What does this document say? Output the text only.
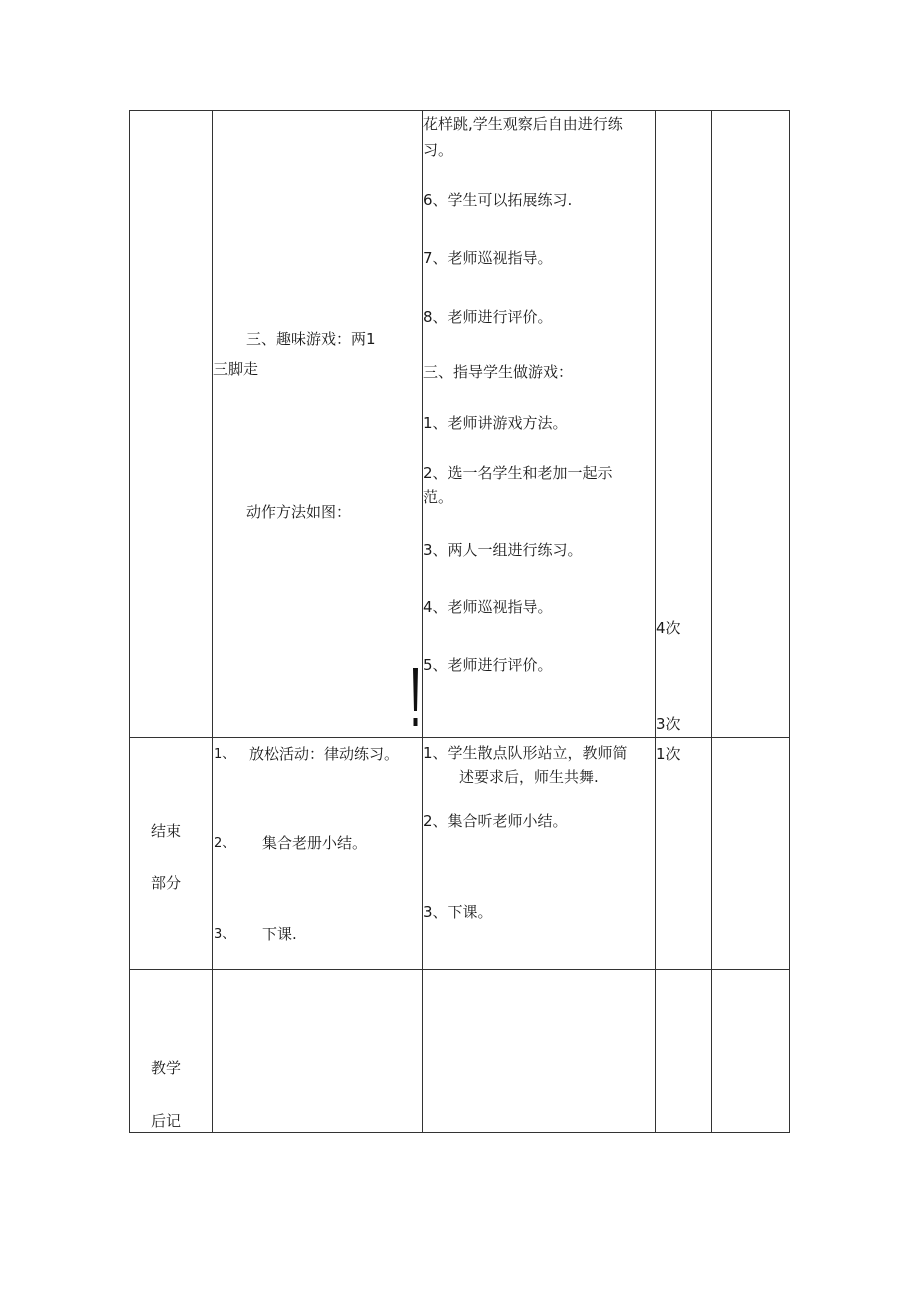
三、趣味游戏：两1
三脚走
动作方法如图：
花样跳,学生观察后自由进行练
习。
6、学生可以拓展练习.
7、老师巡视指导。
8、老师进行评价。
三、指导学生做游戏：
1、老师讲游戏方法。
2、选一名学生和老加一起示
范。
3、两人一组进行练习。
4、老师巡视指导。
5、老师进行评价。
4次
3次
结束
部分
1、 放松活动：律动练习。
2、 集合老册小结。
3、 下课.
1、学生散点队形站立，教师简
述要求后，师生共舞.
2、集合听老师小结。
3、下课。
1次
教学
后记
